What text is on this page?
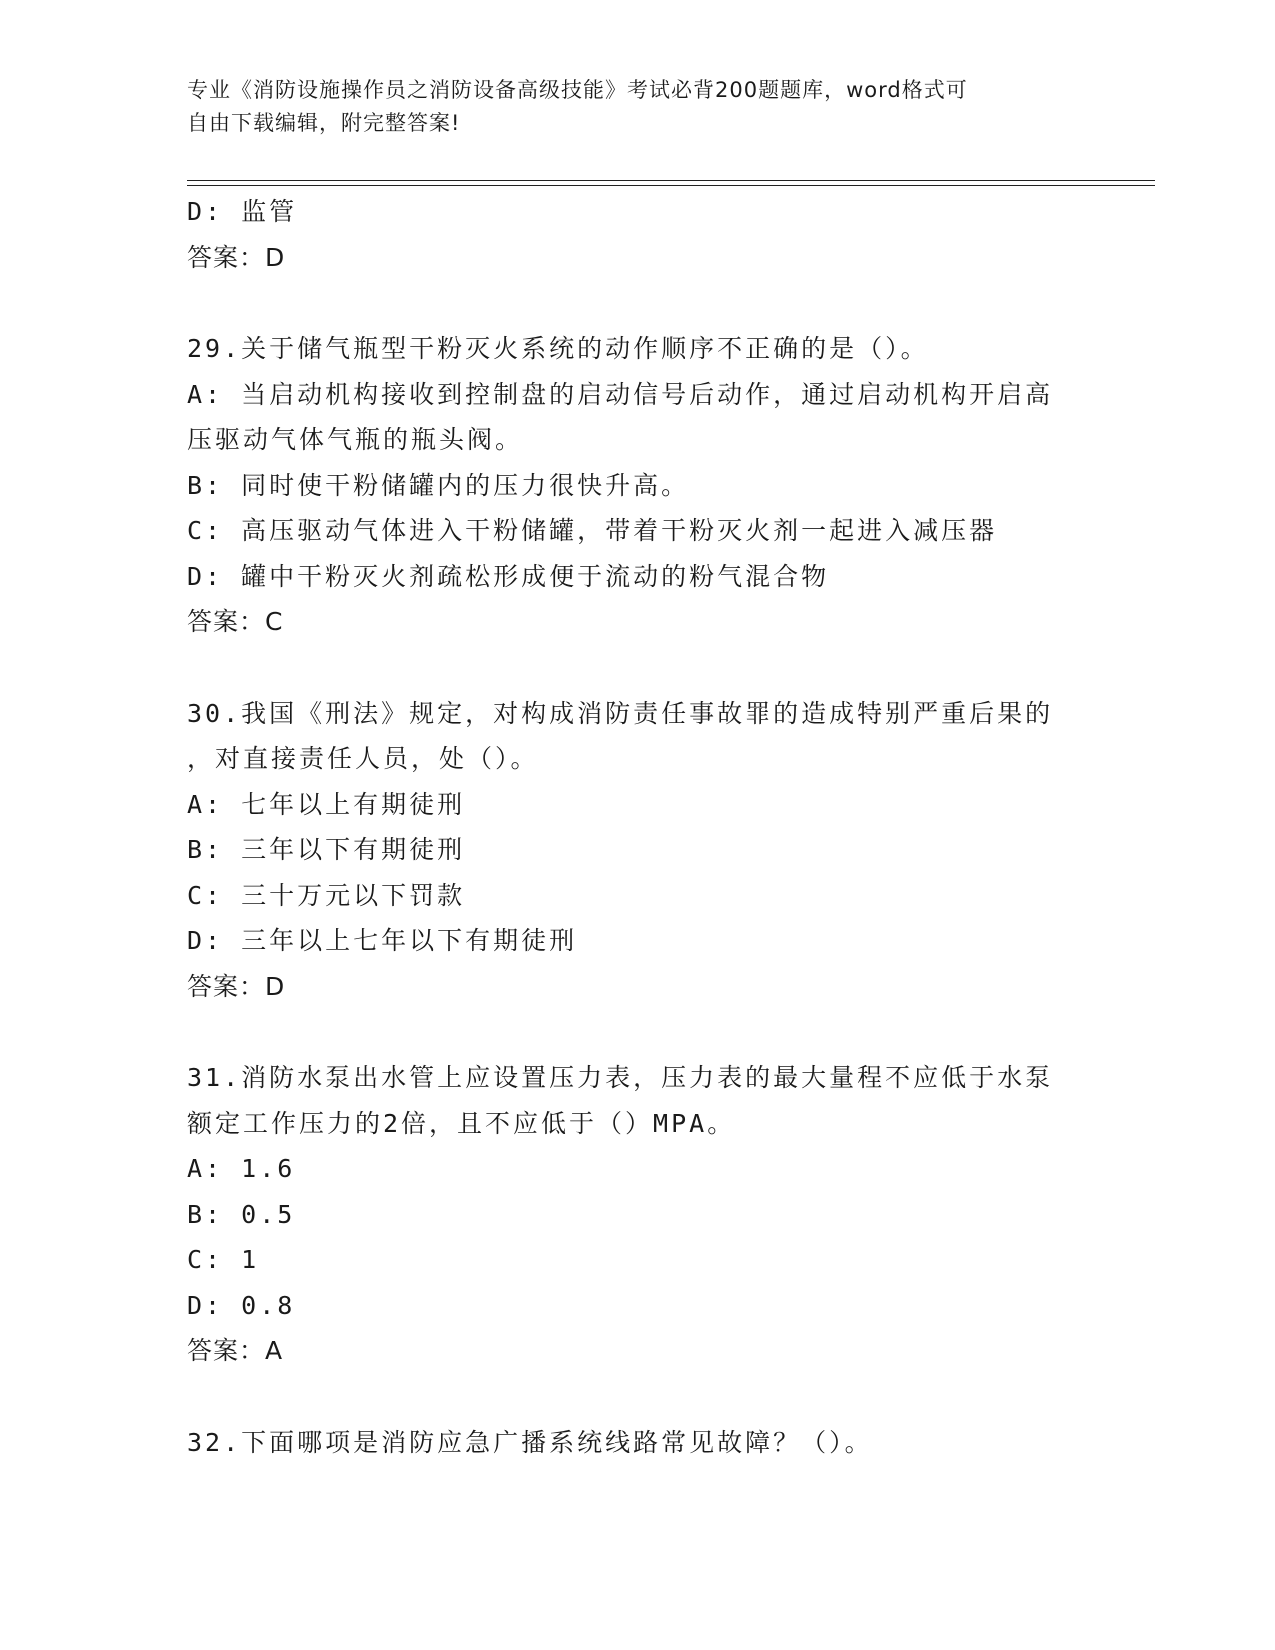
专业《消防设施操作员之消防设备高级技能》考试必背200题题库，word格式可
自由下载编辑，附完整答案!
D: 监管
答案：D
29.关于储气瓶型干粉灭火系统的动作顺序不正确的是（）。
A: 当启动机构接收到控制盘的启动信号后动作，通过启动机构开启高
压驱动气体气瓶的瓶头阀。
B: 同时使干粉储罐内的压力很快升高。
C: 高压驱动气体进入干粉储罐，带着干粉灭火剂一起进入减压器
D: 罐中干粉灭火剂疏松形成便于流动的粉气混合物
答案：C
30.我国《刑法》规定，对构成消防责任事故罪的造成特别严重后果的
，对直接责任人员，处（）。
A: 七年以上有期徒刑
B: 三年以下有期徒刑
C: 三十万元以下罚款
D: 三年以上七年以下有期徒刑
答案：D
31.消防水泵出水管上应设置压力表，压力表的最大量程不应低于水泵
额定工作压力的2倍，且不应低于（）MPA。
A: 1.6
B: 0.5
C: 1
D: 0.8
答案：A
32.下面哪项是消防应急广播系统线路常见故障？（）。
